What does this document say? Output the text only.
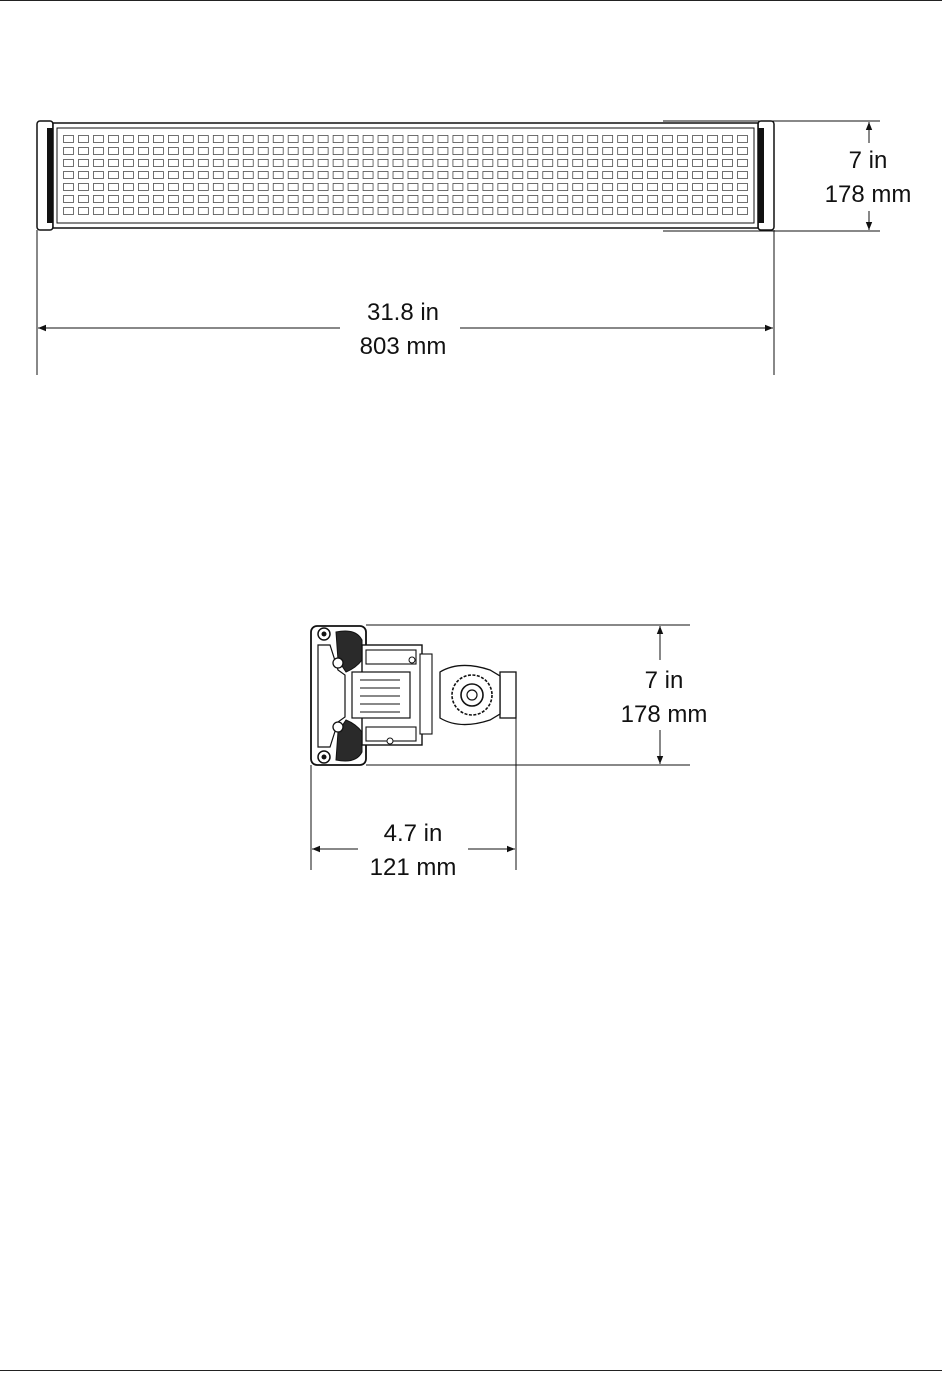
7 in
178 mm
31.8 in
803 mm
7 in
178 mm
4.7 in
121 mm
